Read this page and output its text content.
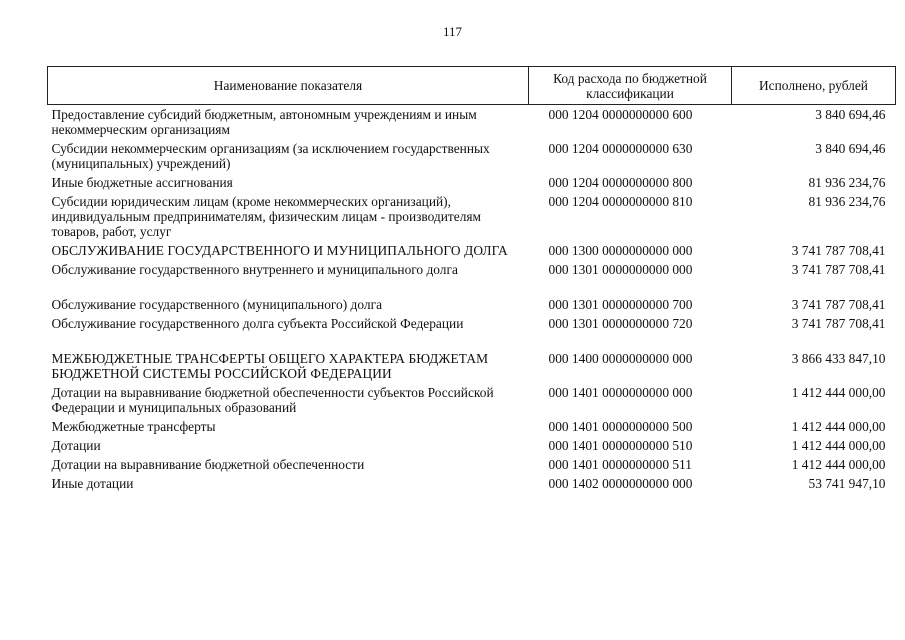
117
Наименование показателя	Код расхода по бюджетной классификации	Исполнено, рублей
Предоставление субсидий бюджетным, автономным учреждениям и иным некоммерческим организациям	000 1204 0000000000 600	3 840 694,46
Субсидии некоммерческим организациям (за исключением государственных (муниципальных) учреждений)	000 1204 0000000000 630	3 840 694,46
Иные бюджетные ассигнования	000 1204 0000000000 800	81 936 234,76
Субсидии юридическим лицам (кроме некоммерческих организаций), индивидуальным предпринимателям, физическим лицам - производителям товаров, работ, услуг	000 1204 0000000000 810	81 936 234,76
ОБСЛУЖИВАНИЕ ГОСУДАРСТВЕННОГО И МУНИЦИПАЛЬНОГО ДОЛГА	000 1300 0000000000 000	3 741 787 708,41
Обслуживание государственного внутреннего и муниципального долга	000 1301 0000000000 000	3 741 787 708,41
Обслуживание государственного (муниципального) долга	000 1301 0000000000 700	3 741 787 708,41
Обслуживание государственного долга субъекта Российской Федерации	000 1301 0000000000 720	3 741 787 708,41
МЕЖБЮДЖЕТНЫЕ ТРАНСФЕРТЫ ОБЩЕГО ХАРАКТЕРА БЮДЖЕТАМ БЮДЖЕТНОЙ СИСТЕМЫ РОССИЙСКОЙ ФЕДЕРАЦИИ	000 1400 0000000000 000	3 866 433 847,10
Дотации на выравнивание бюджетной обеспеченности субъектов Российской Федерации и муниципальных образований	000 1401 0000000000 000	1 412 444 000,00
Межбюджетные трансферты	000 1401 0000000000 500	1 412 444 000,00
Дотации	000 1401 0000000000 510	1 412 444 000,00
Дотации на выравнивание бюджетной обеспеченности	000 1401 0000000000 511	1 412 444 000,00
Иные дотации	000 1402 0000000000 000	53 741 947,10
